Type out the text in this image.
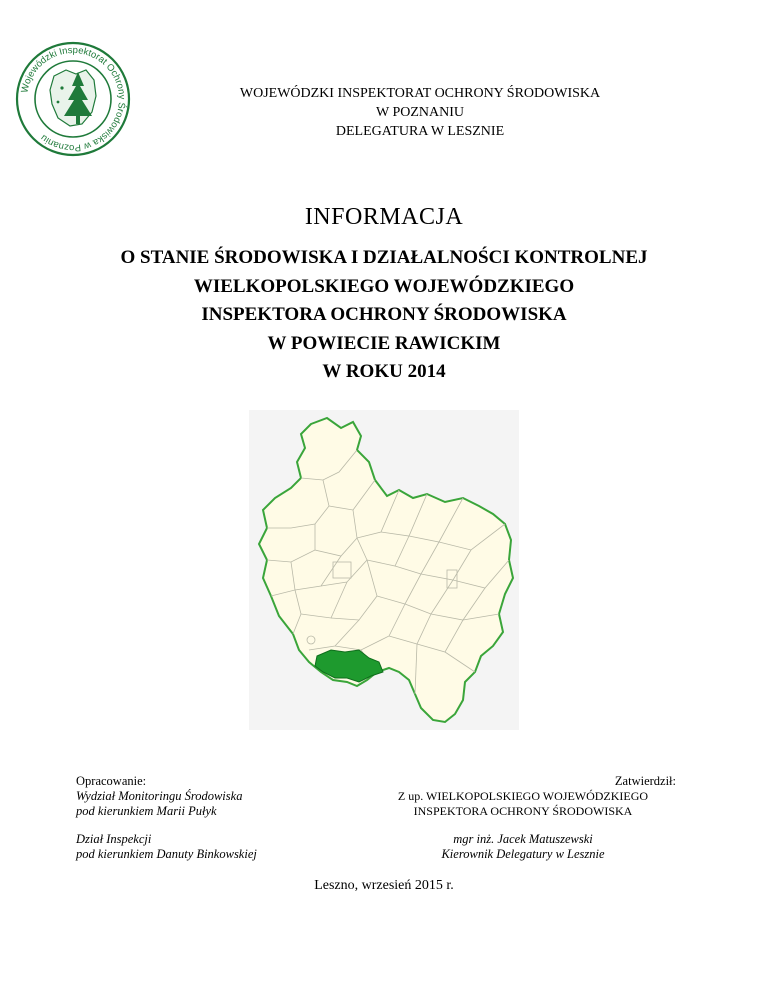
Wojewódzki Inspektorat Ochrony Środowiska w Poznaniu
WOJEWÓDZKI INSPEKTORAT OCHRONY ŚRODOWISKA
W POZNANIU
DELEGATURA W LESZNIE
INFORMACJA
O STANIE ŚRODOWISKA I DZIAŁALNOŚCI KONTROLNEJ
WIELKOPOLSKIEGO WOJEWÓDZKIEGO
INSPEKTORA OCHRONY ŚRODOWISKA
W POWIECIE RAWICKIM
W ROKU 2014
Opracowanie:
Wydział Monitoringu Środowiska
pod kierunkiem Marii Pułyk
Dział Inspekcji
pod kierunkiem Danuty Binkowskiej
Zatwierdził:
Z up. WIELKOPOLSKIEGO WOJEWÓDZKIEGO
INSPEKTORA OCHRONY ŚRODOWISKA
mgr inż. Jacek Matuszewski
Kierownik Delegatury w Lesznie
Leszno, wrzesień 2015 r.
